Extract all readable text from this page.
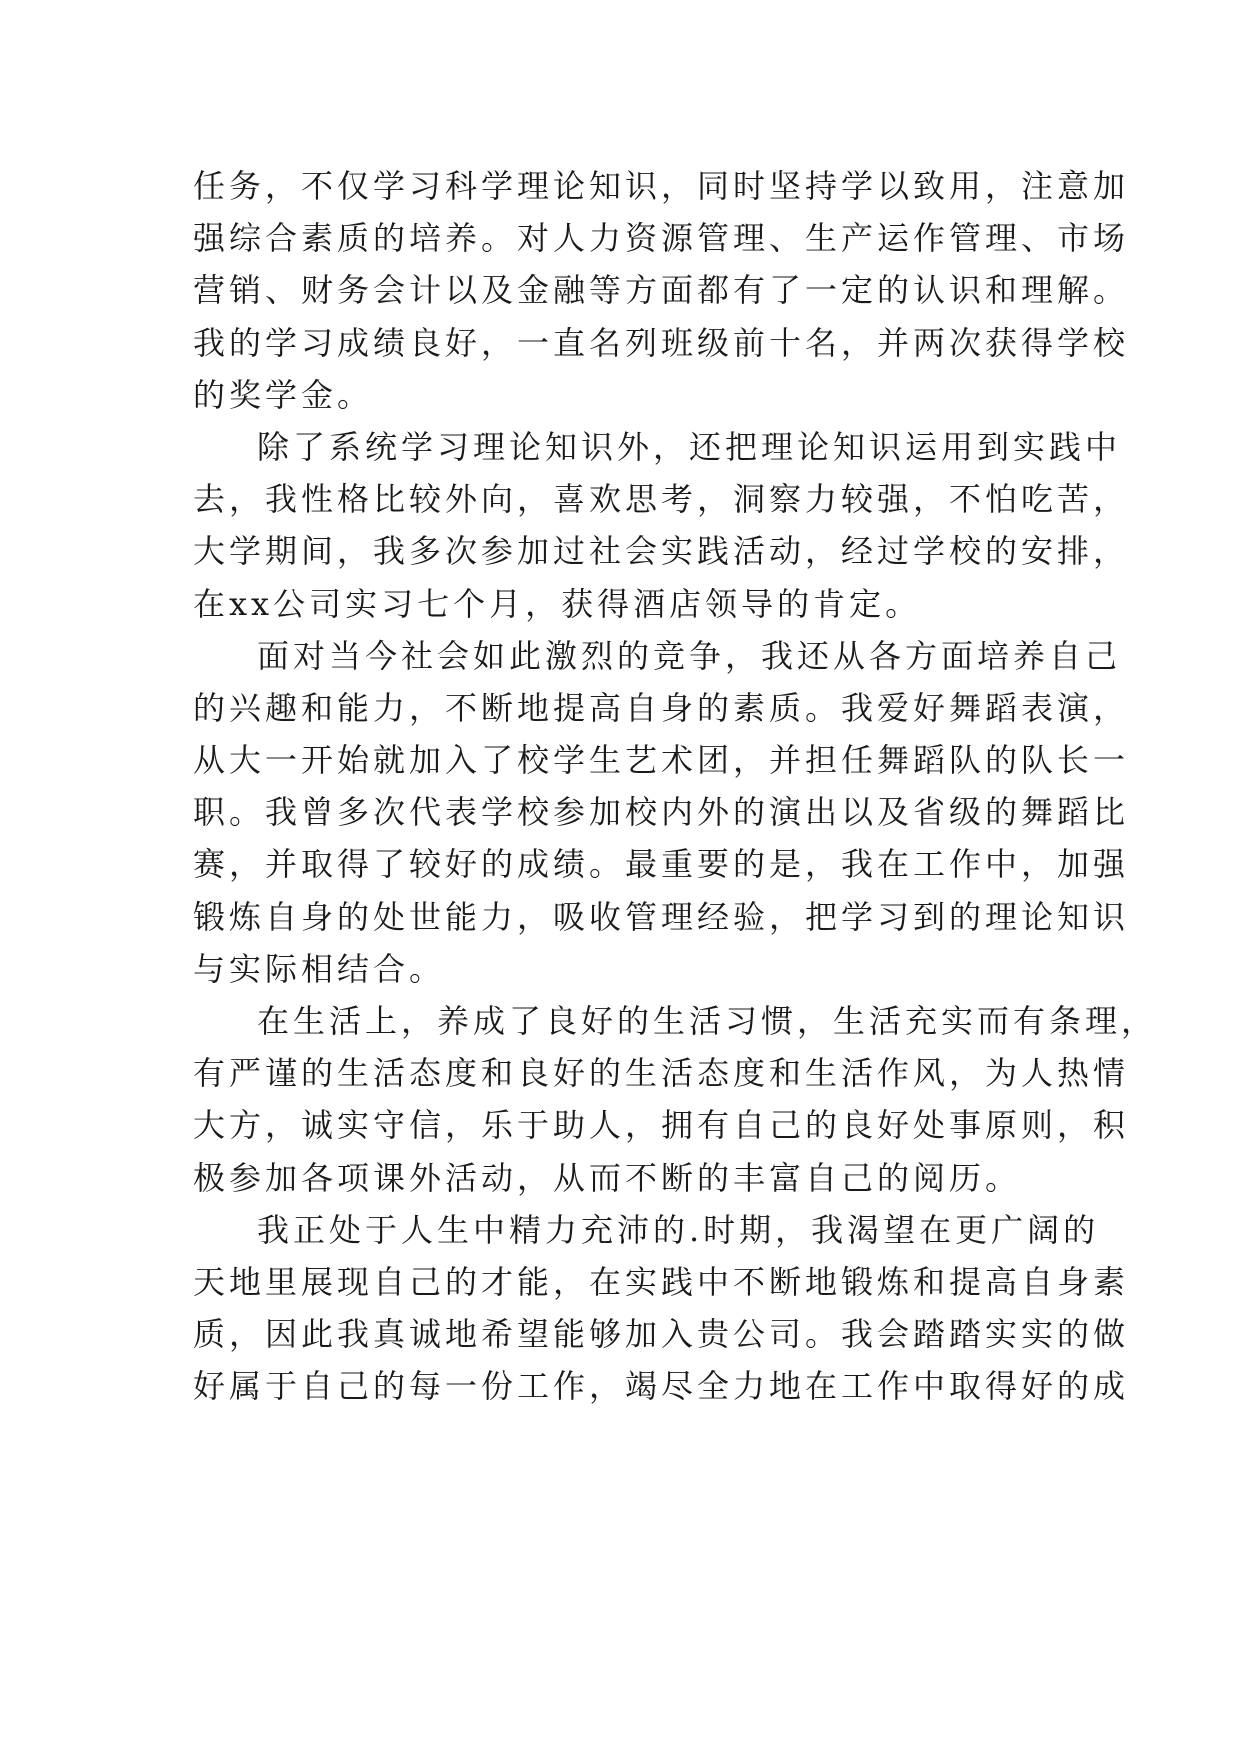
任务，不仅学习科学理论知识，同时坚持学以致用，注意加
强综合素质的培养。对人力资源管理、生产运作管理、市场
营销、财务会计以及金融等方面都有了一定的认识和理解。
我的学习成绩良好，一直名列班级前十名，并两次获得学校
的奖学金。

除了系统学习理论知识外，还把理论知识运用到实践中
去，我性格比较外向，喜欢思考，洞察力较强，不怕吃苦，
大学期间，我多次参加过社会实践活动，经过学校的安排，
在xx公司实习七个月，获得酒店领导的肯定。

面对当今社会如此激烈的竞争，我还从各方面培养自己
的兴趣和能力，不断地提高自身的素质。我爱好舞蹈表演，
从大一开始就加入了校学生艺术团，并担任舞蹈队的队长一
职。我曾多次代表学校参加校内外的演出以及省级的舞蹈比
赛，并取得了较好的成绩。最重要的是，我在工作中，加强
锻炼自身的处世能力，吸收管理经验，把学习到的理论知识
与实际相结合。

在生活上，养成了良好的生活习惯，生活充实而有条理，
有严谨的生活态度和良好的生活态度和生活作风，为人热情
大方，诚实守信，乐于助人，拥有自己的良好处事原则，积
极参加各项课外活动，从而不断的丰富自己的阅历。

我正处于人生中精力充沛的.时期，我渴望在更广阔的
天地里展现自己的才能，在实践中不断地锻炼和提高自身素
质，因此我真诚地希望能够加入贵公司。我会踏踏实实的做
好属于自己的每一份工作，竭尽全力地在工作中取得好的成
